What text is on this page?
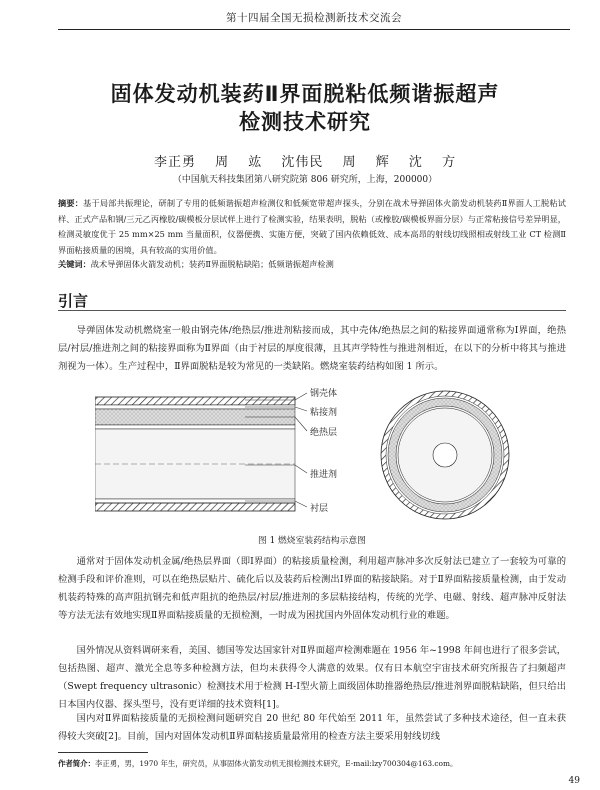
第十四届全国无损检测新技术交流会
固体发动机装药Ⅱ界面脱粘低频谐振超声
检测技术研究
李正勇 周 竑 沈伟民 周 辉 沈 方
（中国航天科技集团第八研究院第 806 研究所，上海，200000）
摘要：基于局部共振理论，研制了专用的低频谐振超声检测仪和低频宽带超声探头，分别在战术导弹固体火箭发动机装药Ⅱ界面人工脱粘试样、正式产品和钢/三元乙丙橡胶/碳模板分层试样上进行了检测实验，结果表明，脱粘（或橡胶/碳模板界面分层）与正常粘接信号差异明显，检测灵敏度优于 25 mm×25 mm 当量面积，仪器便携、实施方便，突破了国内依赖低效、成本高昂的射线切线照相或射线工业 CT 检测Ⅱ界面粘接质量的困境，具有较高的实用价值。
关键词：战术导弹固体火箭发动机；装药Ⅱ界面脱粘缺陷；低频谐振超声检测
引言

导弹固体发动机燃烧室一般由钢壳体/绝热层/推进剂粘接而成，其中壳体/绝热层之间的粘接界面通常称为Ⅰ界面，绝热层/衬层/推进剂之间的粘接界面称为Ⅱ界面（由于衬层的厚度很薄，且其声学特性与推进剂相近，在以下的分析中将其与推进剂视为一体）。生产过程中，Ⅱ界面脱粘是较为常见的一类缺陷。燃烧室装药结构如图 1 所示。

钢壳体
粘接剂
绝热层
推进剂
衬层
图 1 燃烧室装药结构示意图

通常对于固体发动机金属/绝热层界面（即Ⅰ界面）的粘接质量检测，利用超声脉冲多次反射法已建立了一套较为可靠的检测手段和评价准则，可以在绝热层贴片、硫化后以及装药后检测出Ⅰ界面的粘接缺陷。对于Ⅱ界面粘接质量检测，由于发动机装药特殊的高声阻抗钢壳和低声阻抗的绝热层/衬层/推进剂的多层粘接结构，传统的光学、电磁、射线、超声脉冲反射法等方法无法有效地实现Ⅱ界面粘接质量的无损检测，一时成为困扰国内外固体发动机行业的难题。

国外情况从资料调研来看，美国、德国等发达国家针对Ⅱ界面超声检测难题在 1956 年~1998 年间也进行了很多尝试，包括热图、超声、激光全息等多种检测方法，但均未获得令人满意的效果。仅有日本航空宇宙技术研究所报告了扫频超声（Swept frequency ultrasonic）检测技术用于检测 H-Ⅰ型火箭上面级固体助推器绝热层/推进剂界面脱粘缺陷，但只给出日本国内仪器、探头型号，没有更详细的技术资料[1]。

国内对Ⅱ界面粘接质量的无损检测问题研究自 20 世纪 80 年代始至 2011 年，虽然尝试了多种技术途径，但一直未获得较大突破[2]。目前，国内对固体发动机Ⅱ界面粘接质量最常用的检查方法主要采用射线切线

作者简介：李正勇，男，1970 年生，研究员，从事固体火箭发动机无损检测技术研究，E-mail:lzy700304@163.com。
49
